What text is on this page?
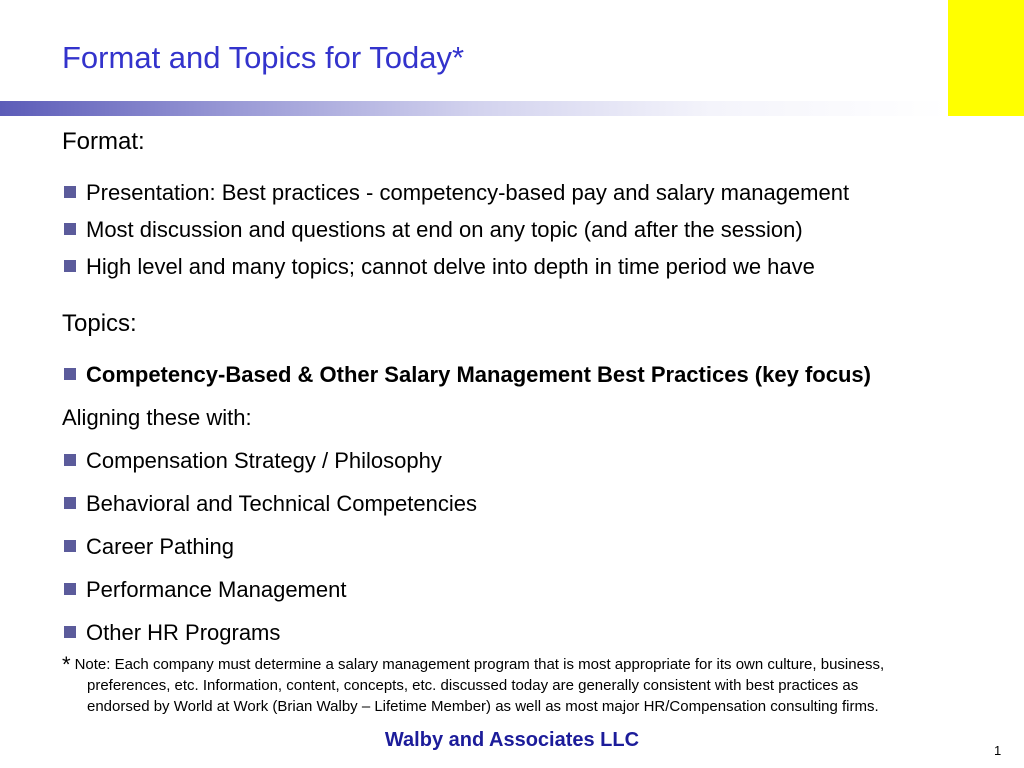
Format and Topics for Today*
Format:
Presentation: Best practices - competency-based pay and salary management
Most discussion and questions at end on any topic (and after the session)
High level and many topics; cannot delve into depth in time period we have
Topics:
Competency-Based & Other Salary Management Best Practices (key focus)
Aligning these with:
Compensation Strategy / Philosophy
Behavioral and Technical Competencies
Career Pathing
Performance Management
Other HR Programs
* Note: Each company must determine a salary management program that is most appropriate for its own culture, business,
preferences, etc. Information, content, concepts, etc. discussed today are generally consistent with best practices as
endorsed by World at Work (Brian Walby – Lifetime Member) as well as most major HR/Compensation consulting firms.
Walby and Associates LLC	1
